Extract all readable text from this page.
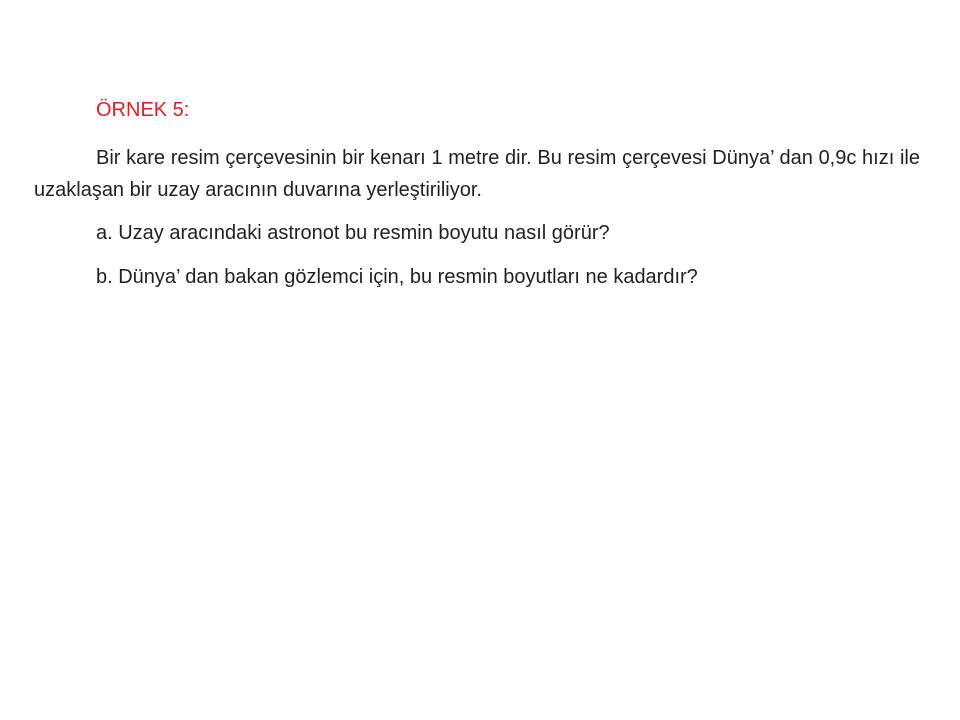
ÖRNEK 5:

Bir kare resim çerçevesinin bir kenarı 1 metre dir. Bu resim çerçevesi Dünya’ dan 0,9c hızı ile uzaklaşan bir uzay aracının duvarına yerleştiriliyor.

a. Uzay aracındaki astronot bu resmin boyutu nasıl görür?
b. Dünya’ dan bakan gözlemci için, bu resmin boyutları ne kadardır?
